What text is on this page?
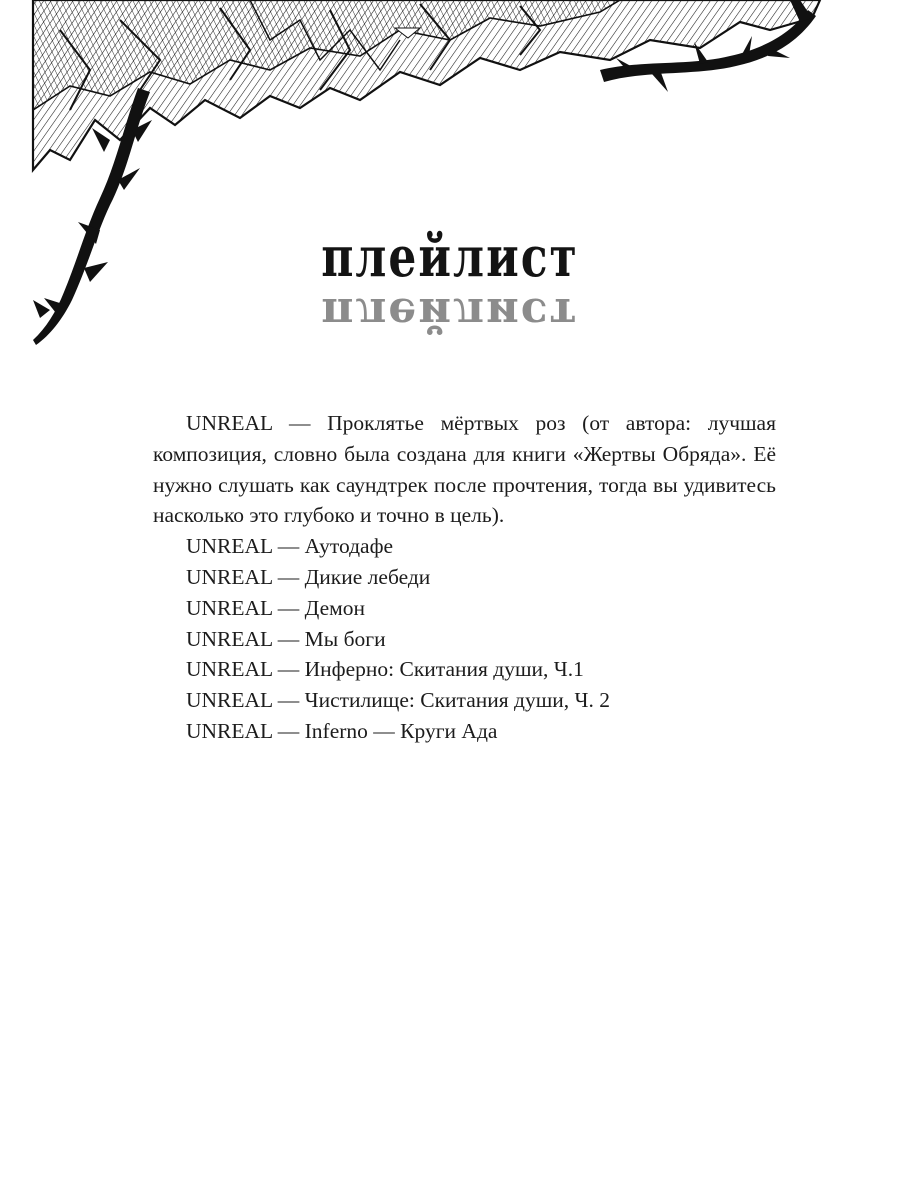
плейлист
плейлист

UNREAL — Проклятье мёртвых роз (от автора: лучшая композиция, словно была создана для книги «Жертвы Обряда». Её нужно слушать как саундтрек после прочтения, тогда вы удивитесь насколько это глубоко и точно в цель).

UNREAL — Аутодафе

UNREAL — Дикие лебеди

UNREAL — Демон

UNREAL — Мы боги

UNREAL — Инферно: Скитания души, Ч.1

UNREAL — Чистилище: Скитания души, Ч. 2

UNREAL — Inferno — Круги Ада
